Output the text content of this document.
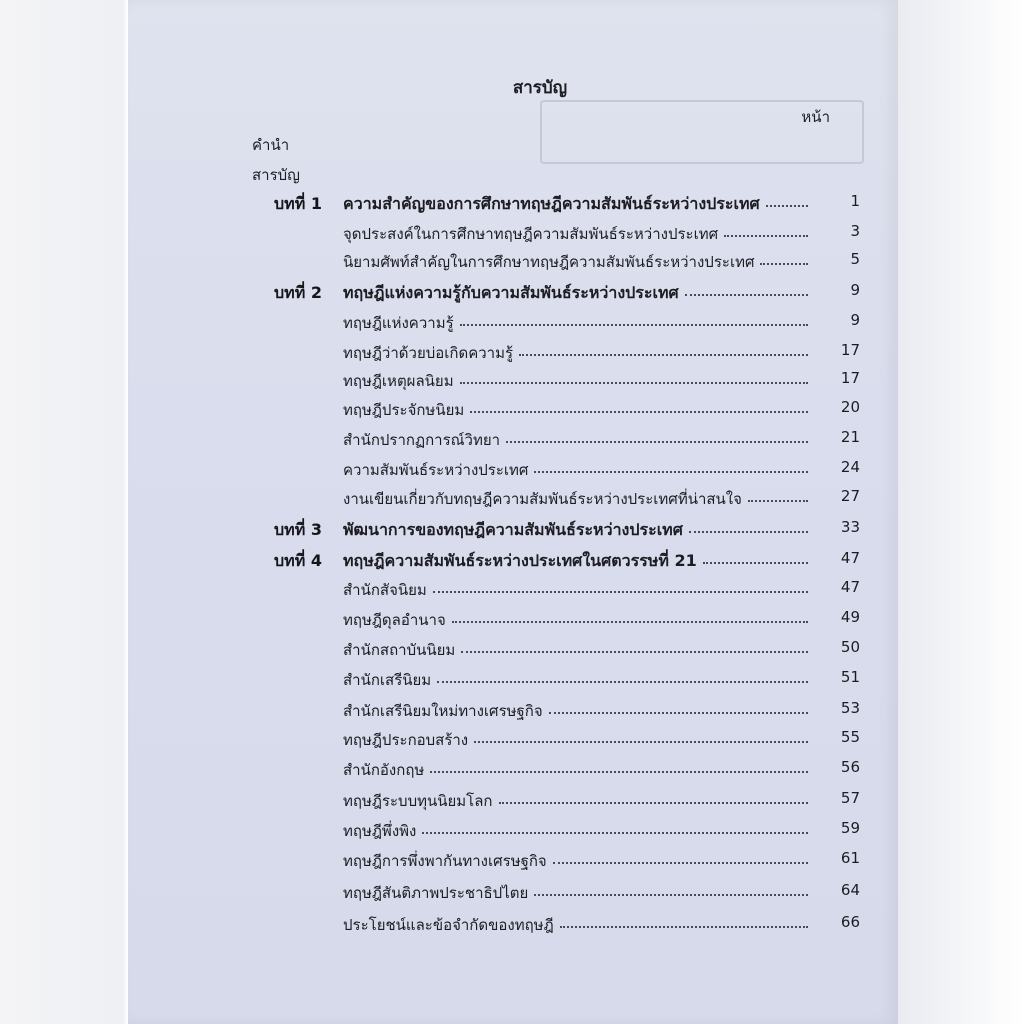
สารบัญ
หน้า
คำนำ
สารบัญ
บทที่ 1 ความสำคัญของการศึกษาทฤษฎีความสัมพันธ์ระหว่างประเทศ	1
จุดประสงค์ในการศึกษาทฤษฎีความสัมพันธ์ระหว่างประเทศ	3
นิยามศัพท์สำคัญในการศึกษาทฤษฎีความสัมพันธ์ระหว่างประเทศ	5
บทที่ 2 ทฤษฎีแห่งความรู้กับความสัมพันธ์ระหว่างประเทศ	9
ทฤษฎีแห่งความรู้	9
ทฤษฎีว่าด้วยบ่อเกิดความรู้	17
ทฤษฎีเหตุผลนิยม	17
ทฤษฎีประจักษนิยม	20
สำนักปรากฏการณ์วิทยา	21
ความสัมพันธ์ระหว่างประเทศ	24
งานเขียนเกี่ยวกับทฤษฎีความสัมพันธ์ระหว่างประเทศที่น่าสนใจ	27
บทที่ 3 พัฒนาการของทฤษฎีความสัมพันธ์ระหว่างประเทศ	33
บทที่ 4 ทฤษฎีความสัมพันธ์ระหว่างประเทศในศตวรรษที่ 21	47
สำนักสัจนิยม	47
ทฤษฎีดุลอำนาจ	49
สำนักสถาบันนิยม	50
สำนักเสรีนิยม	51
สำนักเสรีนิยมใหม่ทางเศรษฐกิจ	53
ทฤษฎีประกอบสร้าง	55
สำนักอังกฤษ	56
ทฤษฎีระบบทุนนิยมโลก	57
ทฤษฎีพึ่งพิง	59
ทฤษฎีการพึ่งพากันทางเศรษฐกิจ	61
ทฤษฎีสันติภาพประชาธิปไตย	64
ประโยชน์และข้อจำกัดของทฤษฎี	66
